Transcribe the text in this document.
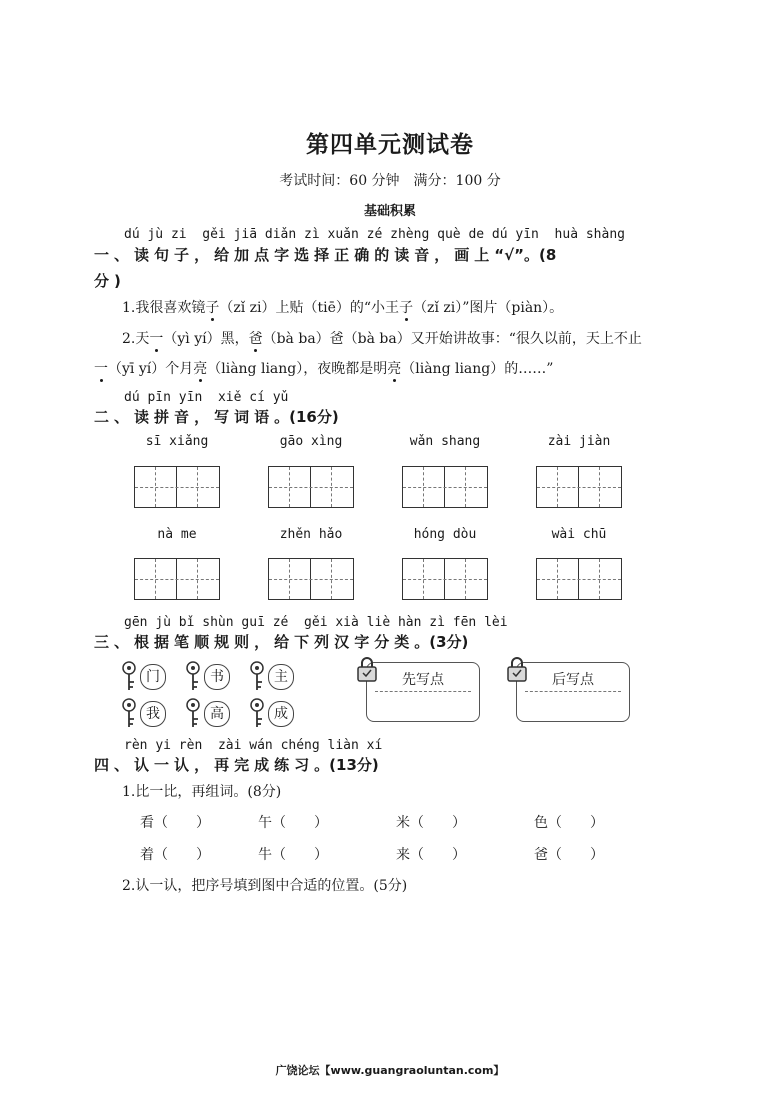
第四单元测试卷
考试时间：60 分钟　满分：100 分
基础积累
dú jù zi gěi jiā diǎn zì xuǎn zé zhèng què de dú yīn huà shàng
一、读句子，给加点字选择正确的读音，画上“√”。(8
分)
1.我很喜欢镜子（zǐ zi）上贴（tiē）的“小王子（zǐ zi）”图片（piàn）。
2.天一（yì yí）黑，爸（bà ba）爸（bà ba）又开始讲故事：“很久以前，天上不止
一（yī yí）个月亮（liàng liang），夜晚都是明亮（liàng liang）的……”
dú pīn yīn xiě cí yǔ
二、读拼音，写词语。(16分)
sī xiǎng	gāo xìng	wǎn shang	zài jiàn
nà me	zhěn hǎo	hóng dòu	wài chū
gēn jù bǐ shùn guī zé gěi xià liè hàn zì fēn lèi
三、根据笔顺规则，给下列汉字分类。(3分)
门	书	主
我	高	成
先写点	后写点
rèn yi rèn zài wán chéng liàn xí
四、认一认，再完成练习。(13分)
1.比一比，再组词。(8分)
看（　　）	午（　　）	米（　　）	色（　　）
着（　　）	牛（　　）	来（　　）	爸（　　）
2.认一认，把序号填到图中合适的位置。(5分)
广饶论坛【www.guangraoluntan.com】
